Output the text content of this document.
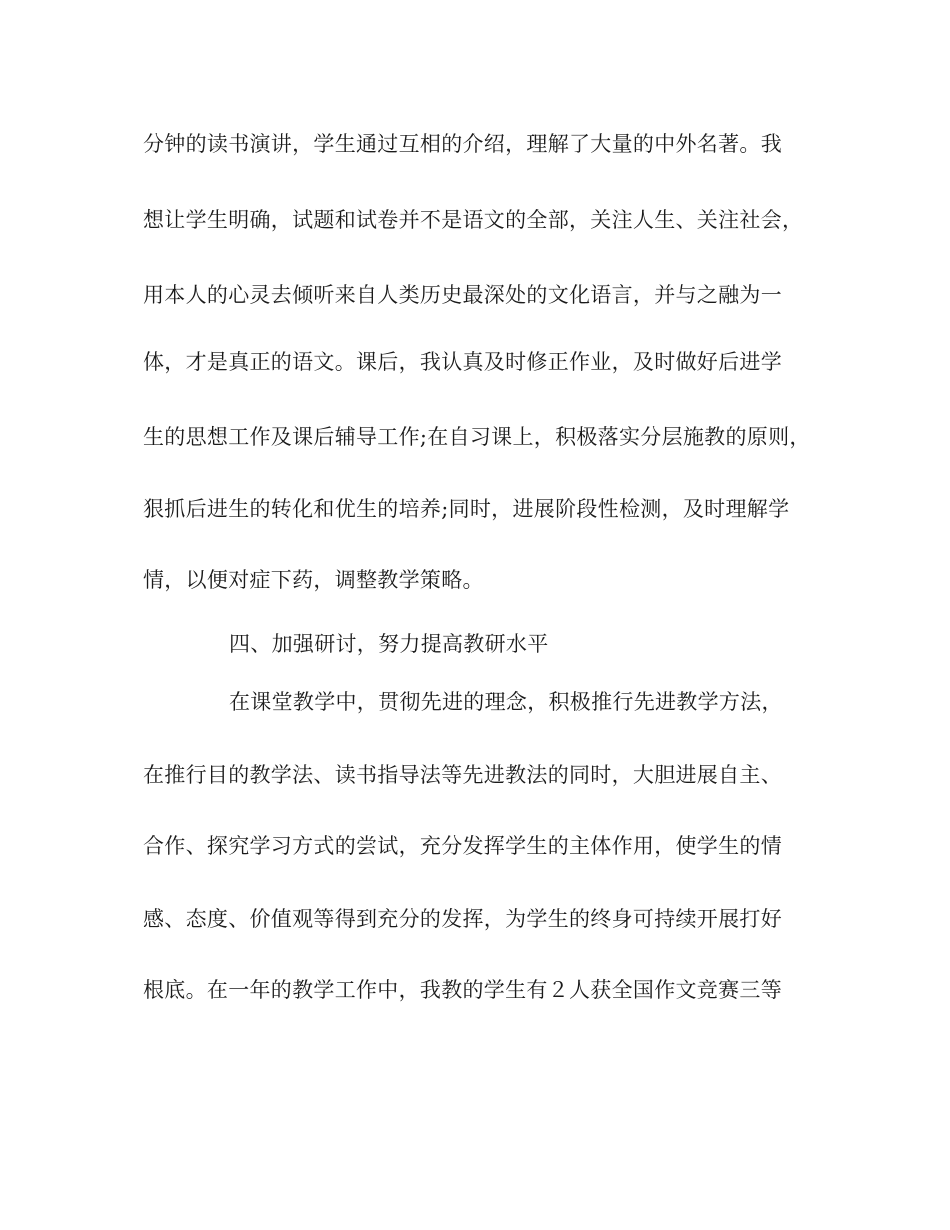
分钟的读书演讲，学生通过互相的介绍，理解了大量的中外名著。我
想让学生明确，试题和试卷并不是语文的全部，关注人生、关注社会，
用本人的心灵去倾听来自人类历史最深处的文化语言，并与之融为一
体，才是真正的语文。课后，我认真及时修正作业，及时做好后进学
生的思想工作及课后辅导工作;在自习课上，积极落实分层施教的原则，
狠抓后进生的转化和优生的培养;同时，进展阶段性检测，及时理解学
情，以便对症下药，调整教学策略。
四、加强研讨，努力提高教研水平
在课堂教学中，贯彻先进的理念，积极推行先进教学方法，
在推行目的教学法、读书指导法等先进教法的同时，大胆进展自主、
合作、探究学习方式的尝试，充分发挥学生的主体作用，使学生的情
感、态度、价值观等得到充分的发挥，为学生的终身可持续开展打好
根底。在一年的教学工作中，我教的学生有２人获全国作文竞赛三等
